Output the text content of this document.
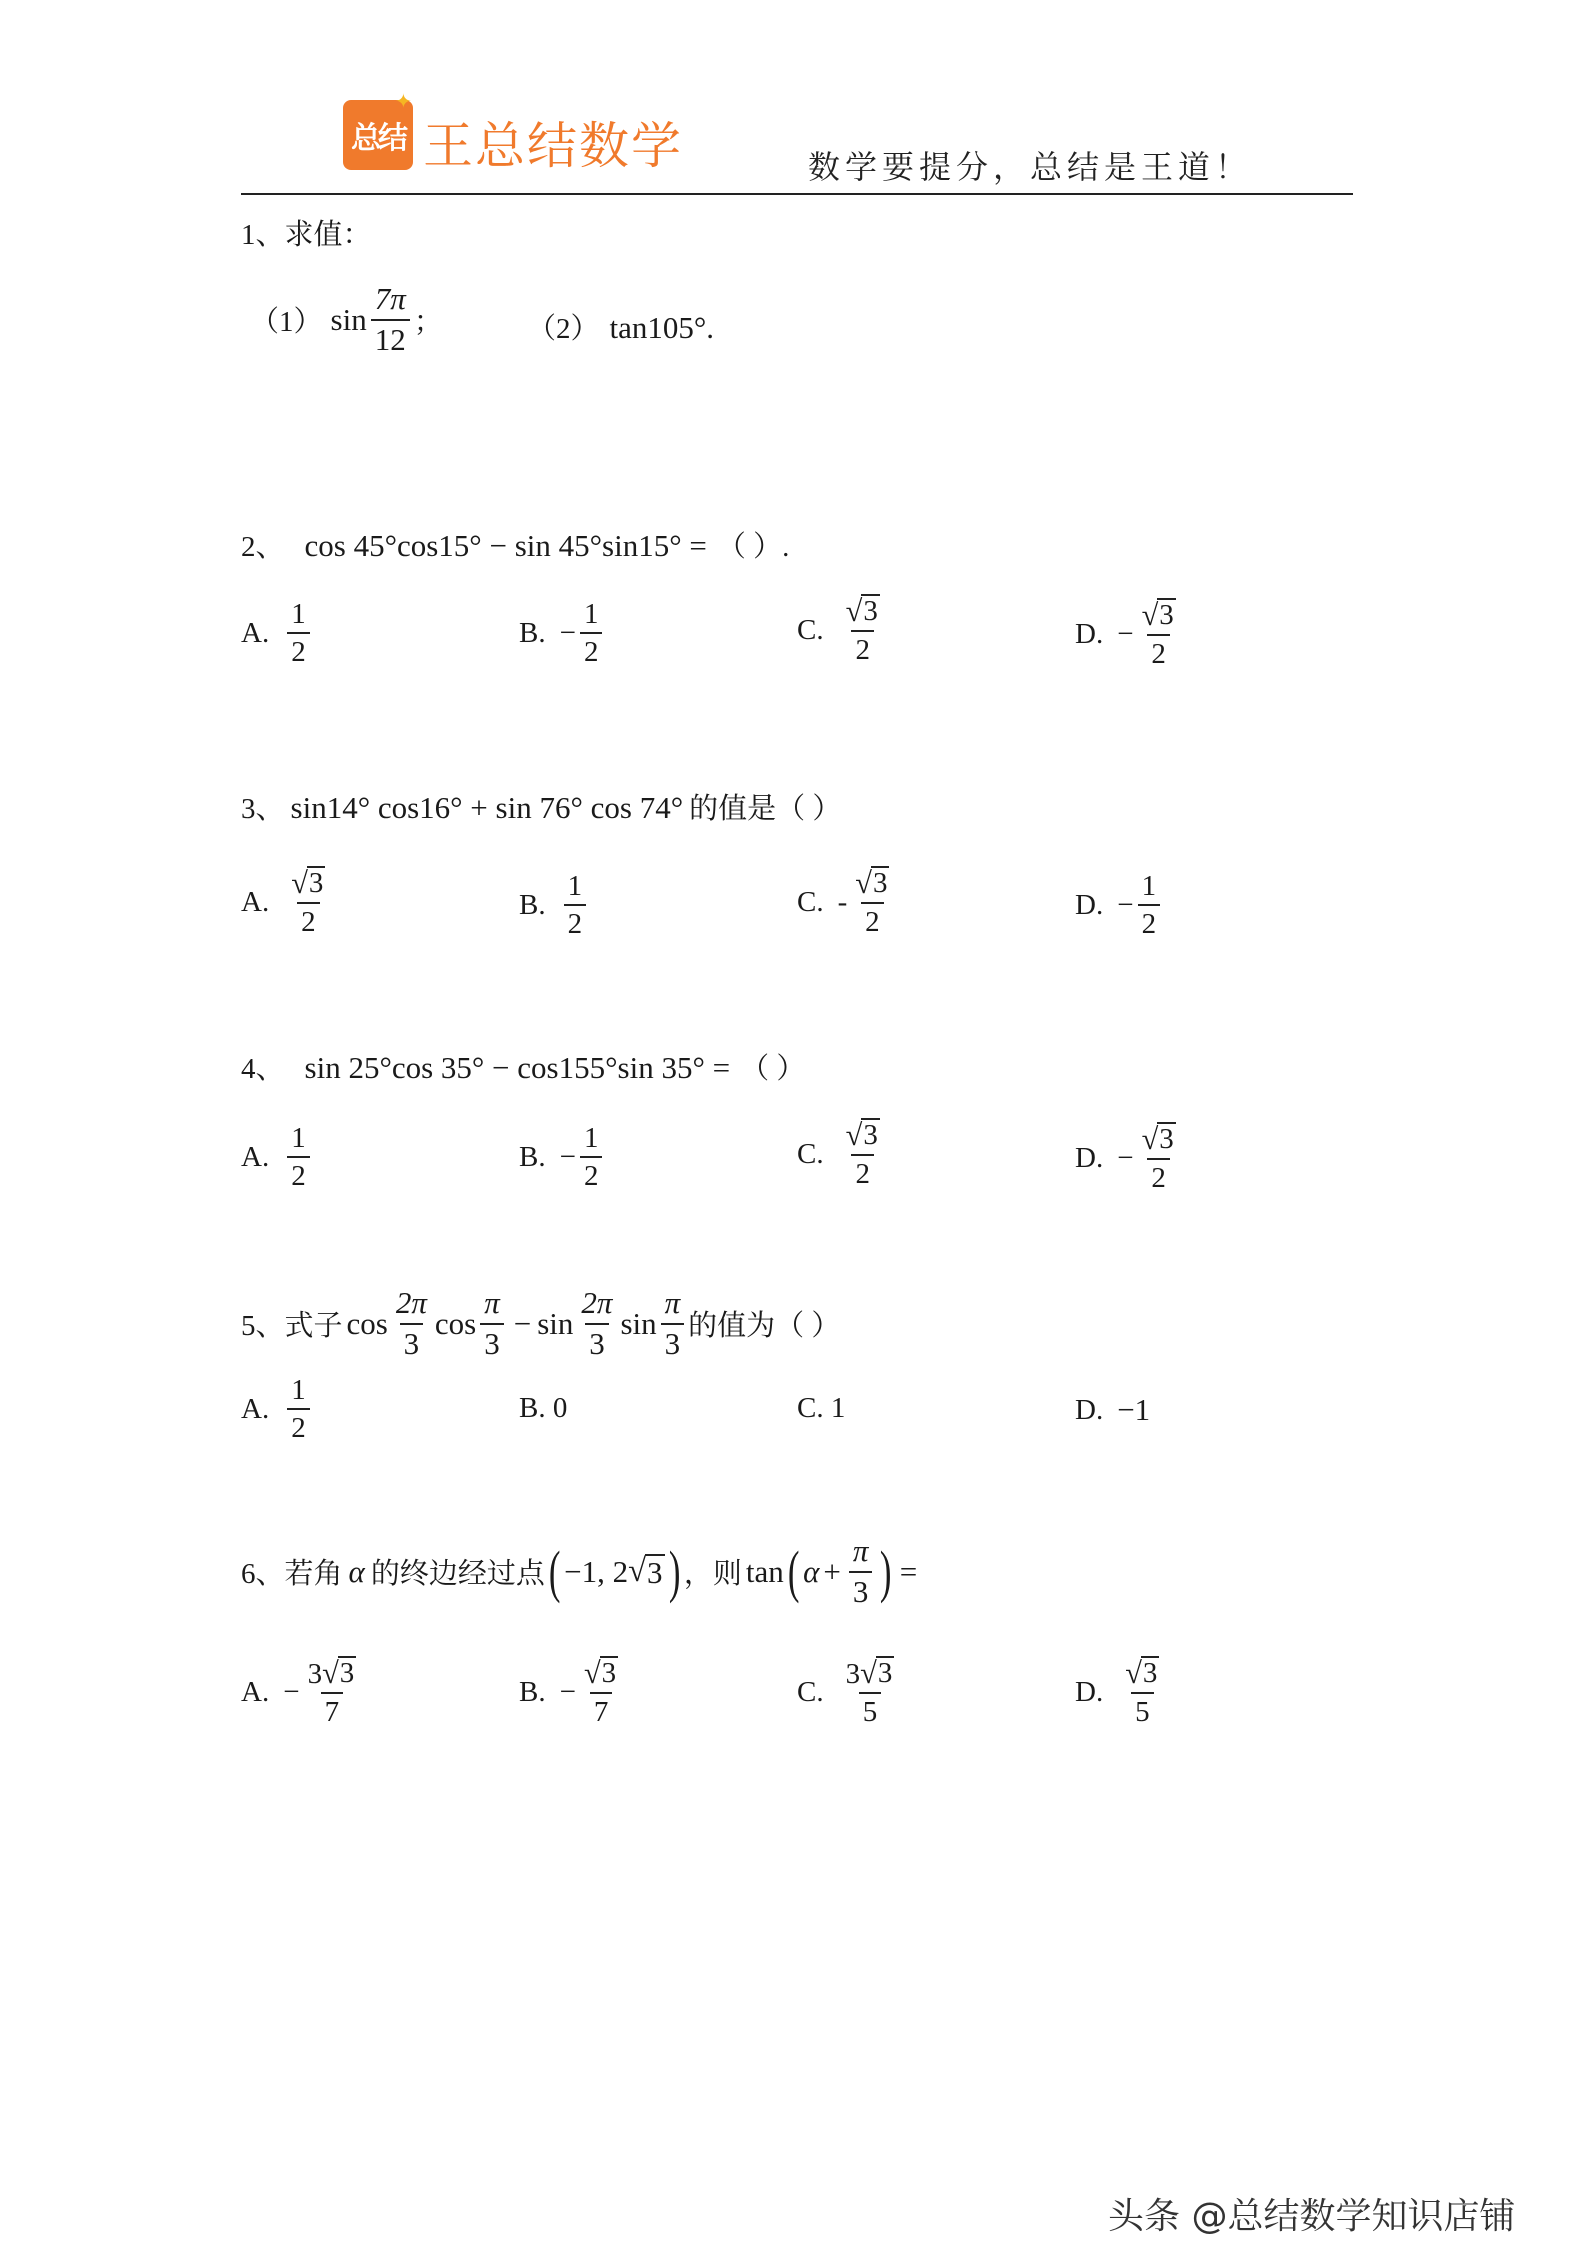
总结
✦
王总结数学	数学要提分，总结是王道！
1、求值：
（1） $\sin \frac{7\pi}{12}$ ；	（2） tan105°.
2、 cos 45°cos15° − sin 45°sin15° = （ ）.
A. $\frac{1}{2}$	B. − $\frac{1}{2}$	C. $\frac{√ 3}{2}$	D. − $\frac{√ 3}{2}$
3、 sin14° cos16° + sin 76° cos 74° 的值是（ ）
A. $\frac{√ 3}{2}$	B. $\frac{1}{2}$	C. - $\frac{√ 3}{2}$	D. − $\frac{1}{2}$
4、 sin 25°cos 35° − cos155°sin 35° = （ ）
A. $\frac{1}{2}$	B. − $\frac{1}{2}$	C. $\frac{√ 3}{2}$	D. − $\frac{√ 3}{2}$
5、 式子 $\cos \frac{2\pi}{3}$ $\cos \frac{\pi}{3} - \sin \frac{2\pi}{3}$ $\sin \frac{\pi}{3}$ 的值为（ ）
A. $\frac{1}{2}$	B. 0	C. 1	D. −1
6、 若角 α 的终边经过点 ( −1, 2 √ 3 ) ，则 tan ( $\alpha + \frac{\pi}{3}$ ) =
A. − $\frac{3 √ 3}{7}$	B. − $\frac{√ 3}{7}$	C. $\frac{3 √ 3}{5}$	D. $\frac{√ 3}{5}$
头条 @总结数学知识店铺
